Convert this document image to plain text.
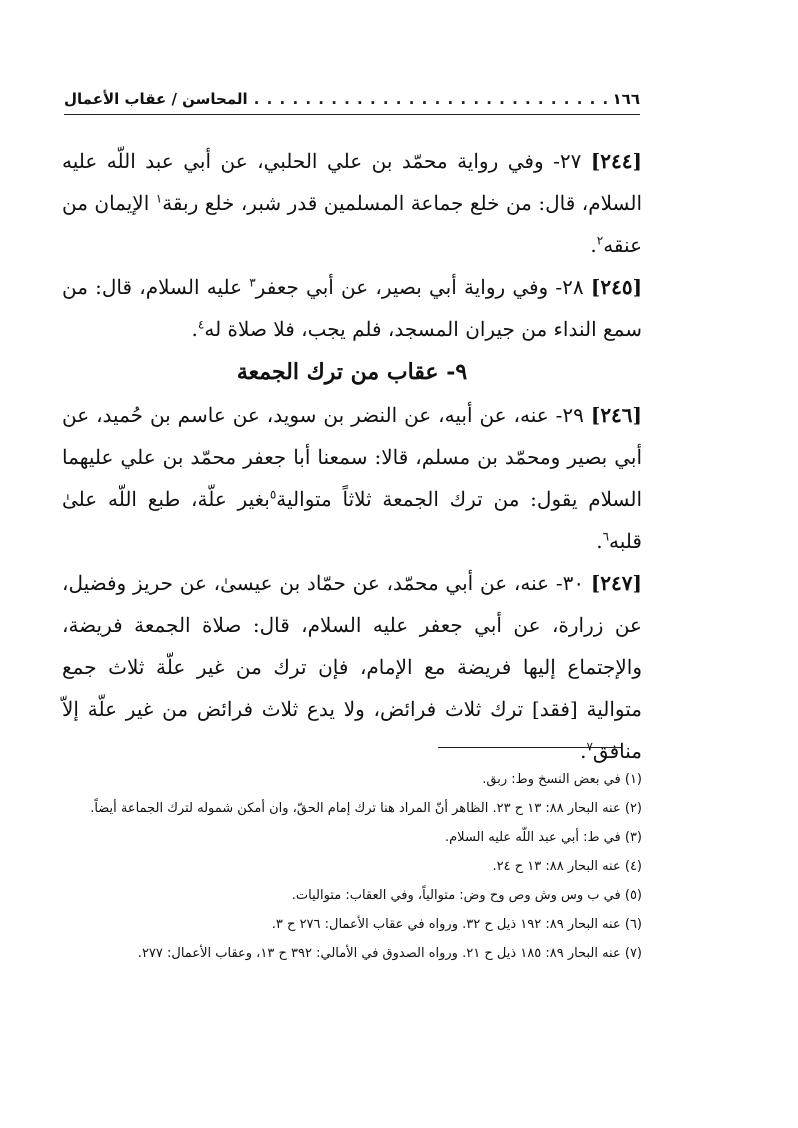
١٦٦
. . .
المحاسن / عقاب الأعمال

[٢٤٤] ٢٧- وفي رواية محمّد بن علي الحلبي، عن أبي عبد اللّه عليه السلام، قال: من خلع جماعة المسلمين قدر شبر، خلع ربقة$^١$ الإيمان من عنقه$^٢$.

[٢٤٥] ٢٨- وفي رواية أبي بصير، عن أبي جعفر$^٣$ عليه السلام، قال: من سمع النداء من جيران المسجد، فلم يجب، فلا صلاة له$^٤$.

٩- عقاب من ترك الجمعة

[٢٤٦] ٢٩- عنه، عن أبيه، عن النضر بن سويد، عن عاسم بن حُميد، عن أبي بصير ومحمّد بن مسلم، قالا: سمعنا أبا جعفر محمّد بن علي عليهما السلام يقول: من ترك الجمعة ثلاثاً متوالية$^٥$بغير علّة، طبع اللّه علىٰ قلبه$^٦$.

[٢٤٧] ٣٠- عنه، عن أبي محمّد، عن حمّاد بن عيسىٰ، عن حريز وفضيل، عن زرارة، عن أبي جعفر عليه السلام، قال: صلاة الجمعة فريضة، والإجتماع إليها فريضة مع الإمام، فإن ترك من غير علّة ثلاث جمع متوالية [فقد] ترك ثلاث فرائض، ولا يدع ثلاث فرائض من غير علّة إلاّ منافق$^٧$.

(١) في بعض النسخ وط: ربق.

(٢) عنه البحار ٨٨: ١٣ ح ٢٣. الظاهر أنّ المراد هنا ترك إمام الحقّ، وان أمكن شموله لترك الجماعة أيضاً.

(٣) في ط: أبي عبد اللّه عليه السلام.

(٤) عنه البحار ٨٨: ١٣ ح ٢٤.

(٥) في ب وس وش وص وح وض: متوالياً، وفي العقاب: متواليات.

(٦) عنه البحار ٨٩: ١٩٢ ذيل ح ٣٢. ورواه في عقاب الأعمال: ٢٧٦ ح ٣.

(٧) عنه البحار ٨٩: ١٨٥ ذيل ح ٢١. ورواه الصدوق في الأمالي: ٣٩٢ ح ١٣، وعقاب الأعمال: ٢٧٧.
